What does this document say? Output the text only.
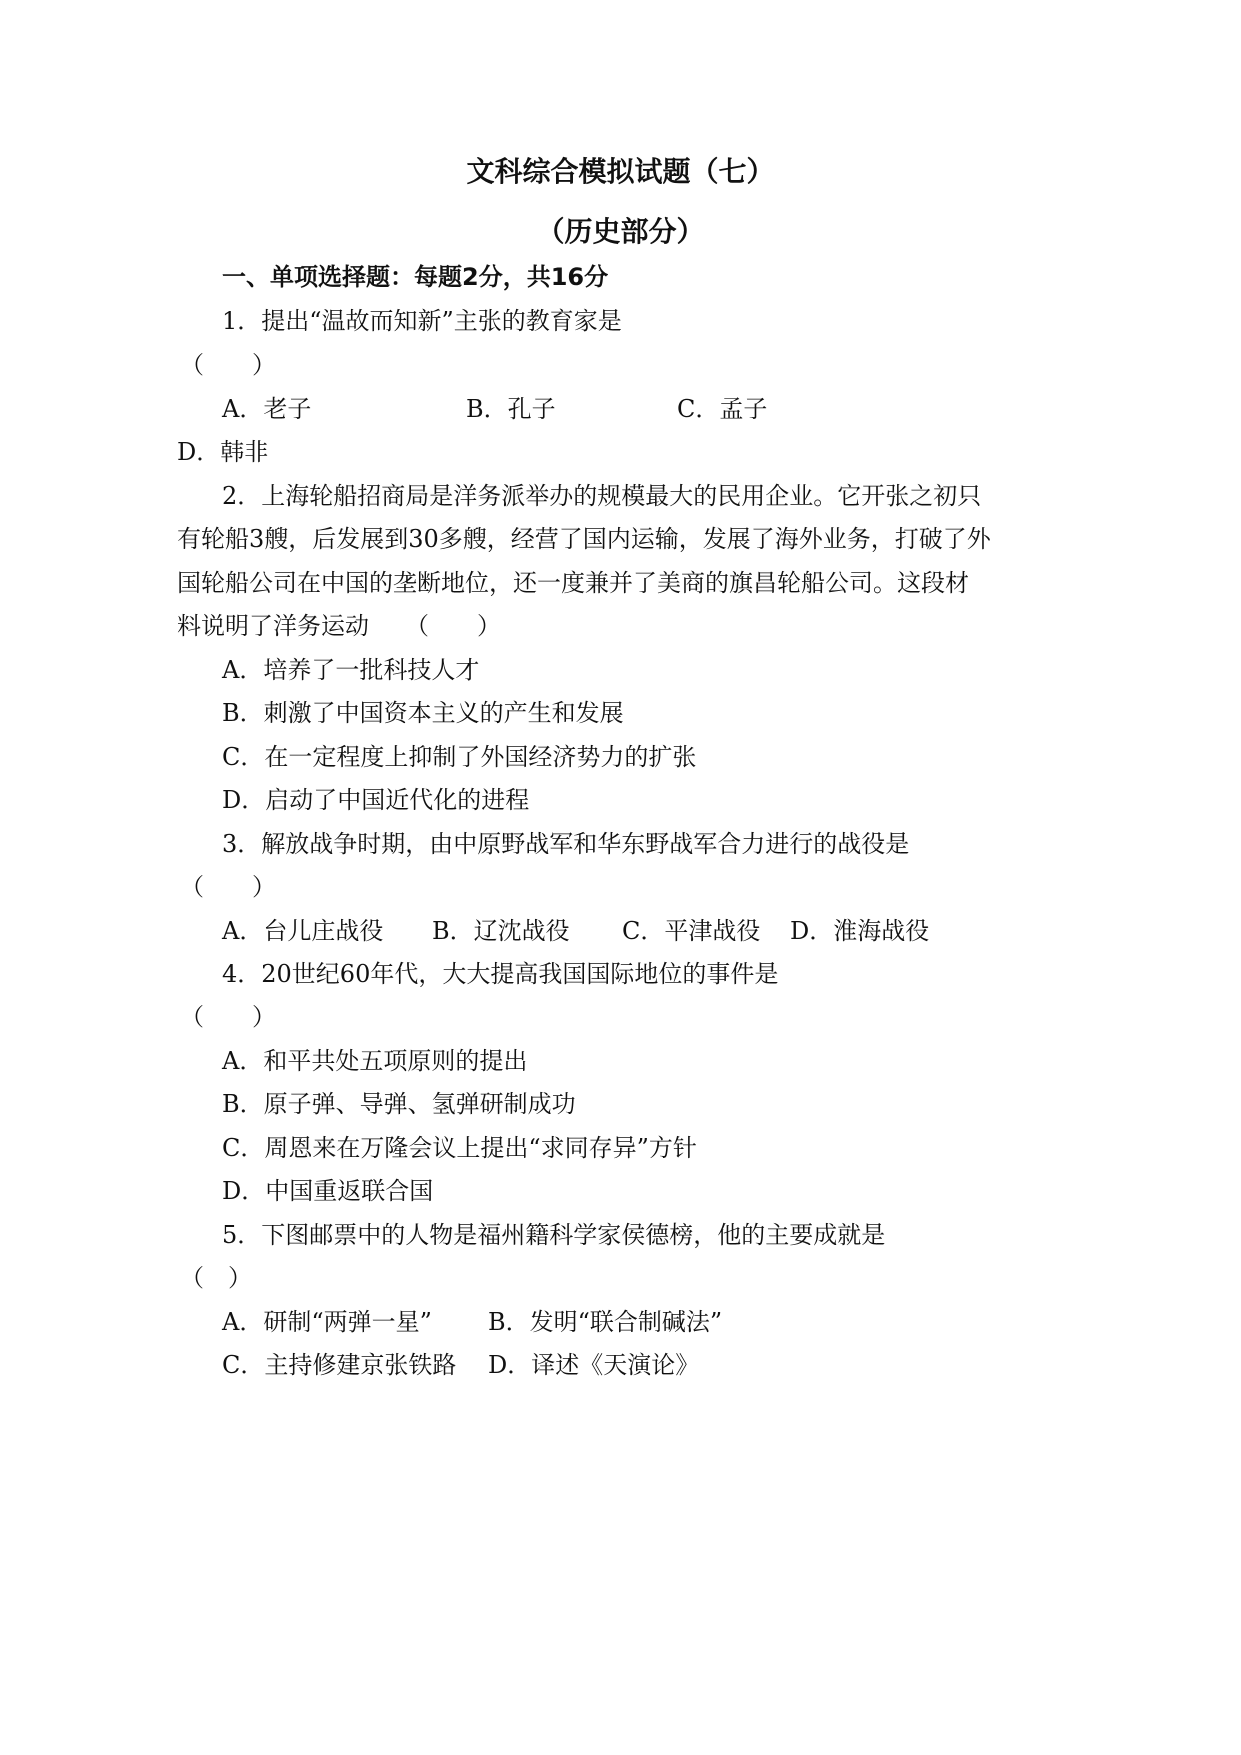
文科综合模拟试题（七）
（历史部分）
一、单项选择题：每题2分，共16分
1．提出“温故而知新”主张的教育家是
（　　）
A．老子	B．孔子	C．孟子
D．韩非
2．上海轮船招商局是洋务派举办的规模最大的民用企业。它开张之初只
有轮船3艘，后发展到30多艘，经营了国内运输，发展了海外业务，打破了外
国轮船公司在中国的垄断地位，还一度兼并了美商的旗昌轮船公司。这段材
料说明了洋务运动　　（　　）
A．培养了一批科技人才
B．刺激了中国资本主义的产生和发展
C．在一定程度上抑制了外国经济势力的扩张
D．启动了中国近代化的进程
3．解放战争时期，由中原野战军和华东野战军合力进行的战役是
（　　）
A．台儿庄战役 B．辽沈战役 C．平津战役 D．淮海战役
4．20世纪60年代，大大提高我国国际地位的事件是
（　　）
A．和平共处五项原则的提出
B．原子弹、导弹、氢弹研制成功
C．周恩来在万隆会议上提出“求同存异”方针
D．中国重返联合国
5．下图邮票中的人物是福州籍科学家侯德榜，他的主要成就是
（　）
A．研制“两弹一星” B．发明“联合制碱法”
C．主持修建京张铁路 D．译述《天演论》
